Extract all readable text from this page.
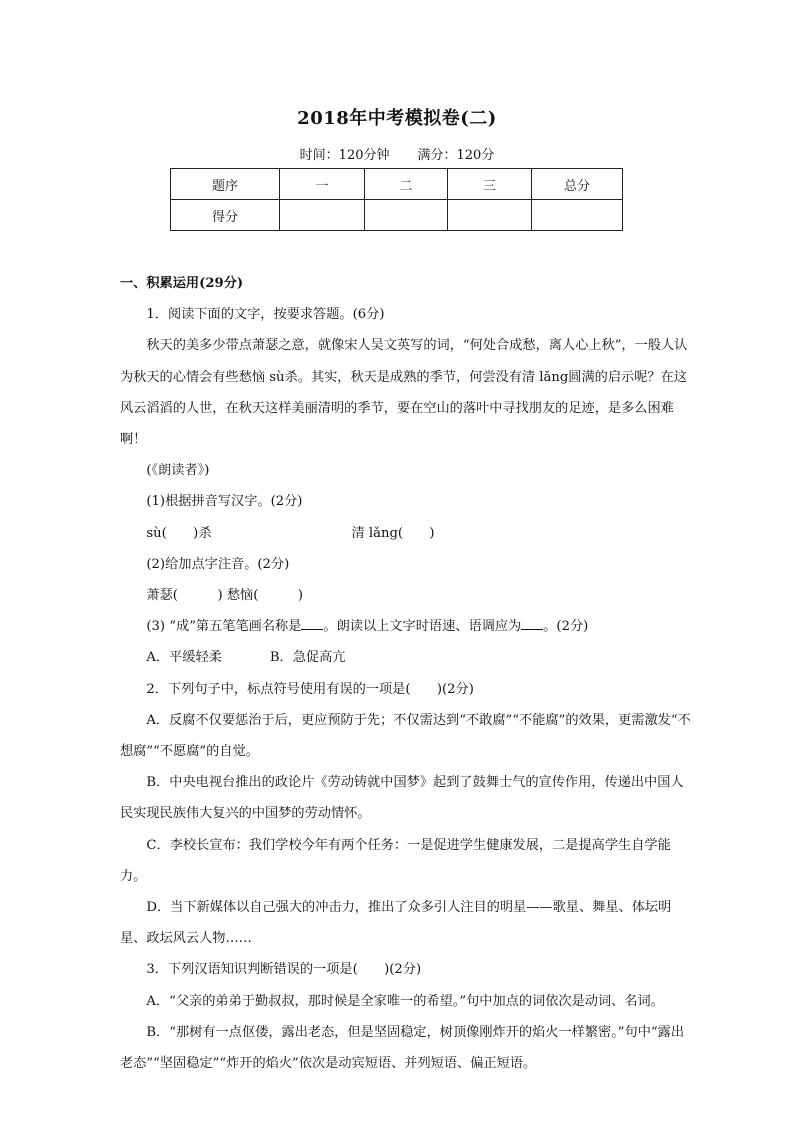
2018年中考模拟卷(二)
时间：120分钟 满分：120分
题序	一	二	三	总分
得分				

一、积累运用(29分)

1．阅读下面的文字，按要求答题。(6分)

秋天的美多少带点萧瑟之意，就像宋人吴文英写的词，“何处合成愁，离人心上秋”，一般人认为秋天的心情会有些愁恼 sù杀。其实，秋天是成熟的季节，何尝没有清 lǎng圆满的启示呢？在这风云滔滔的人世，在秋天这样美丽清明的季节，要在空山的落叶中寻找朋友的足迹，是多么困难啊！

(《朗读者》)

(1)根据拼音写汉字。(2分)

sù(　　)杀	清 lǎng(　　)

(2)给加点字注音。(2分)

萧瑟(　　　) 愁恼(　　　)

(3) “成”第五笔笔画名称是 。朗读以上文字时语速、语调应为 。(2分)

A．平缓轻柔	B．急促高亢

2．下列句子中，标点符号使用有误的一项是(　　)(2分)

A．反腐不仅要惩治于后，更应预防于先；不仅需达到“不敢腐”“不能腐”的效果，更需激发“不想腐”“不愿腐”的自觉。

B．中央电视台推出的政论片《劳动铸就中国梦》起到了鼓舞士气的宣传作用，传递出中国人民实现民族伟大复兴的中国梦的劳动情怀。

C．李校长宣布：我们学校今年有两个任务：一是促进学生健康发展，二是提高学生自学能力。

D．当下新媒体以自己强大的冲击力，推出了众多引人注目的明星——歌星、舞星、体坛明星、政坛风云人物……

3．下列汉语知识判断错误的一项是(　　)(2分)

A．“父亲的弟弟于勤叔叔，那时候是全家唯一的希望。”句中加点的词依次是动词、名词。

B．“那树有一点伛偻，露出老态，但是坚固稳定，树顶像刚炸开的焰火一样繁密。”句中“露出老态”“坚固稳定”“炸开的焰火”依次是动宾短语、并列短语、偏正短语。
